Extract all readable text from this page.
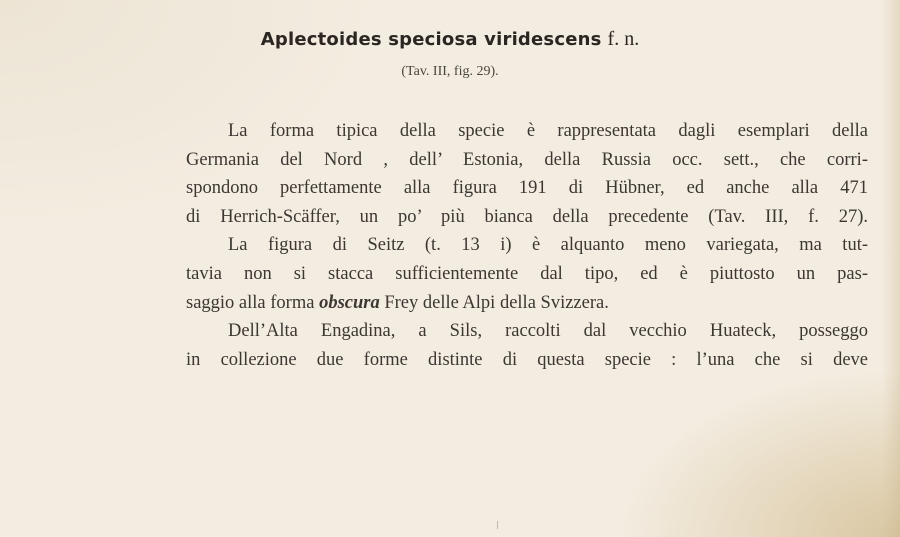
Aplectoides speciosa viridescens f. n.
(Tav. III, fig. 29).
La forma tipica della specie è rappresentata dagli esemplari della
Germania del Nord , dell’ Estonia, della Russia occ. sett., che corri-
spondono perfettamente alla figura 191 di Hübner, ed anche alla 471
di Herrich-Scäffer, un po’ più bianca della precedente (Tav. III, f. 27).
La figura di Seitz (t. 13 i) è alquanto meno variegata, ma tut-
tavia non si stacca sufficientemente dal tipo, ed è piuttosto un pas-
saggio alla forma obscura Frey delle Alpi della Svizzera.
Dell’Alta Engadina, a Sils, raccolti dal vecchio Huateck, posseggo
in collezione due forme distinte di questa specie : l’una che si deve
